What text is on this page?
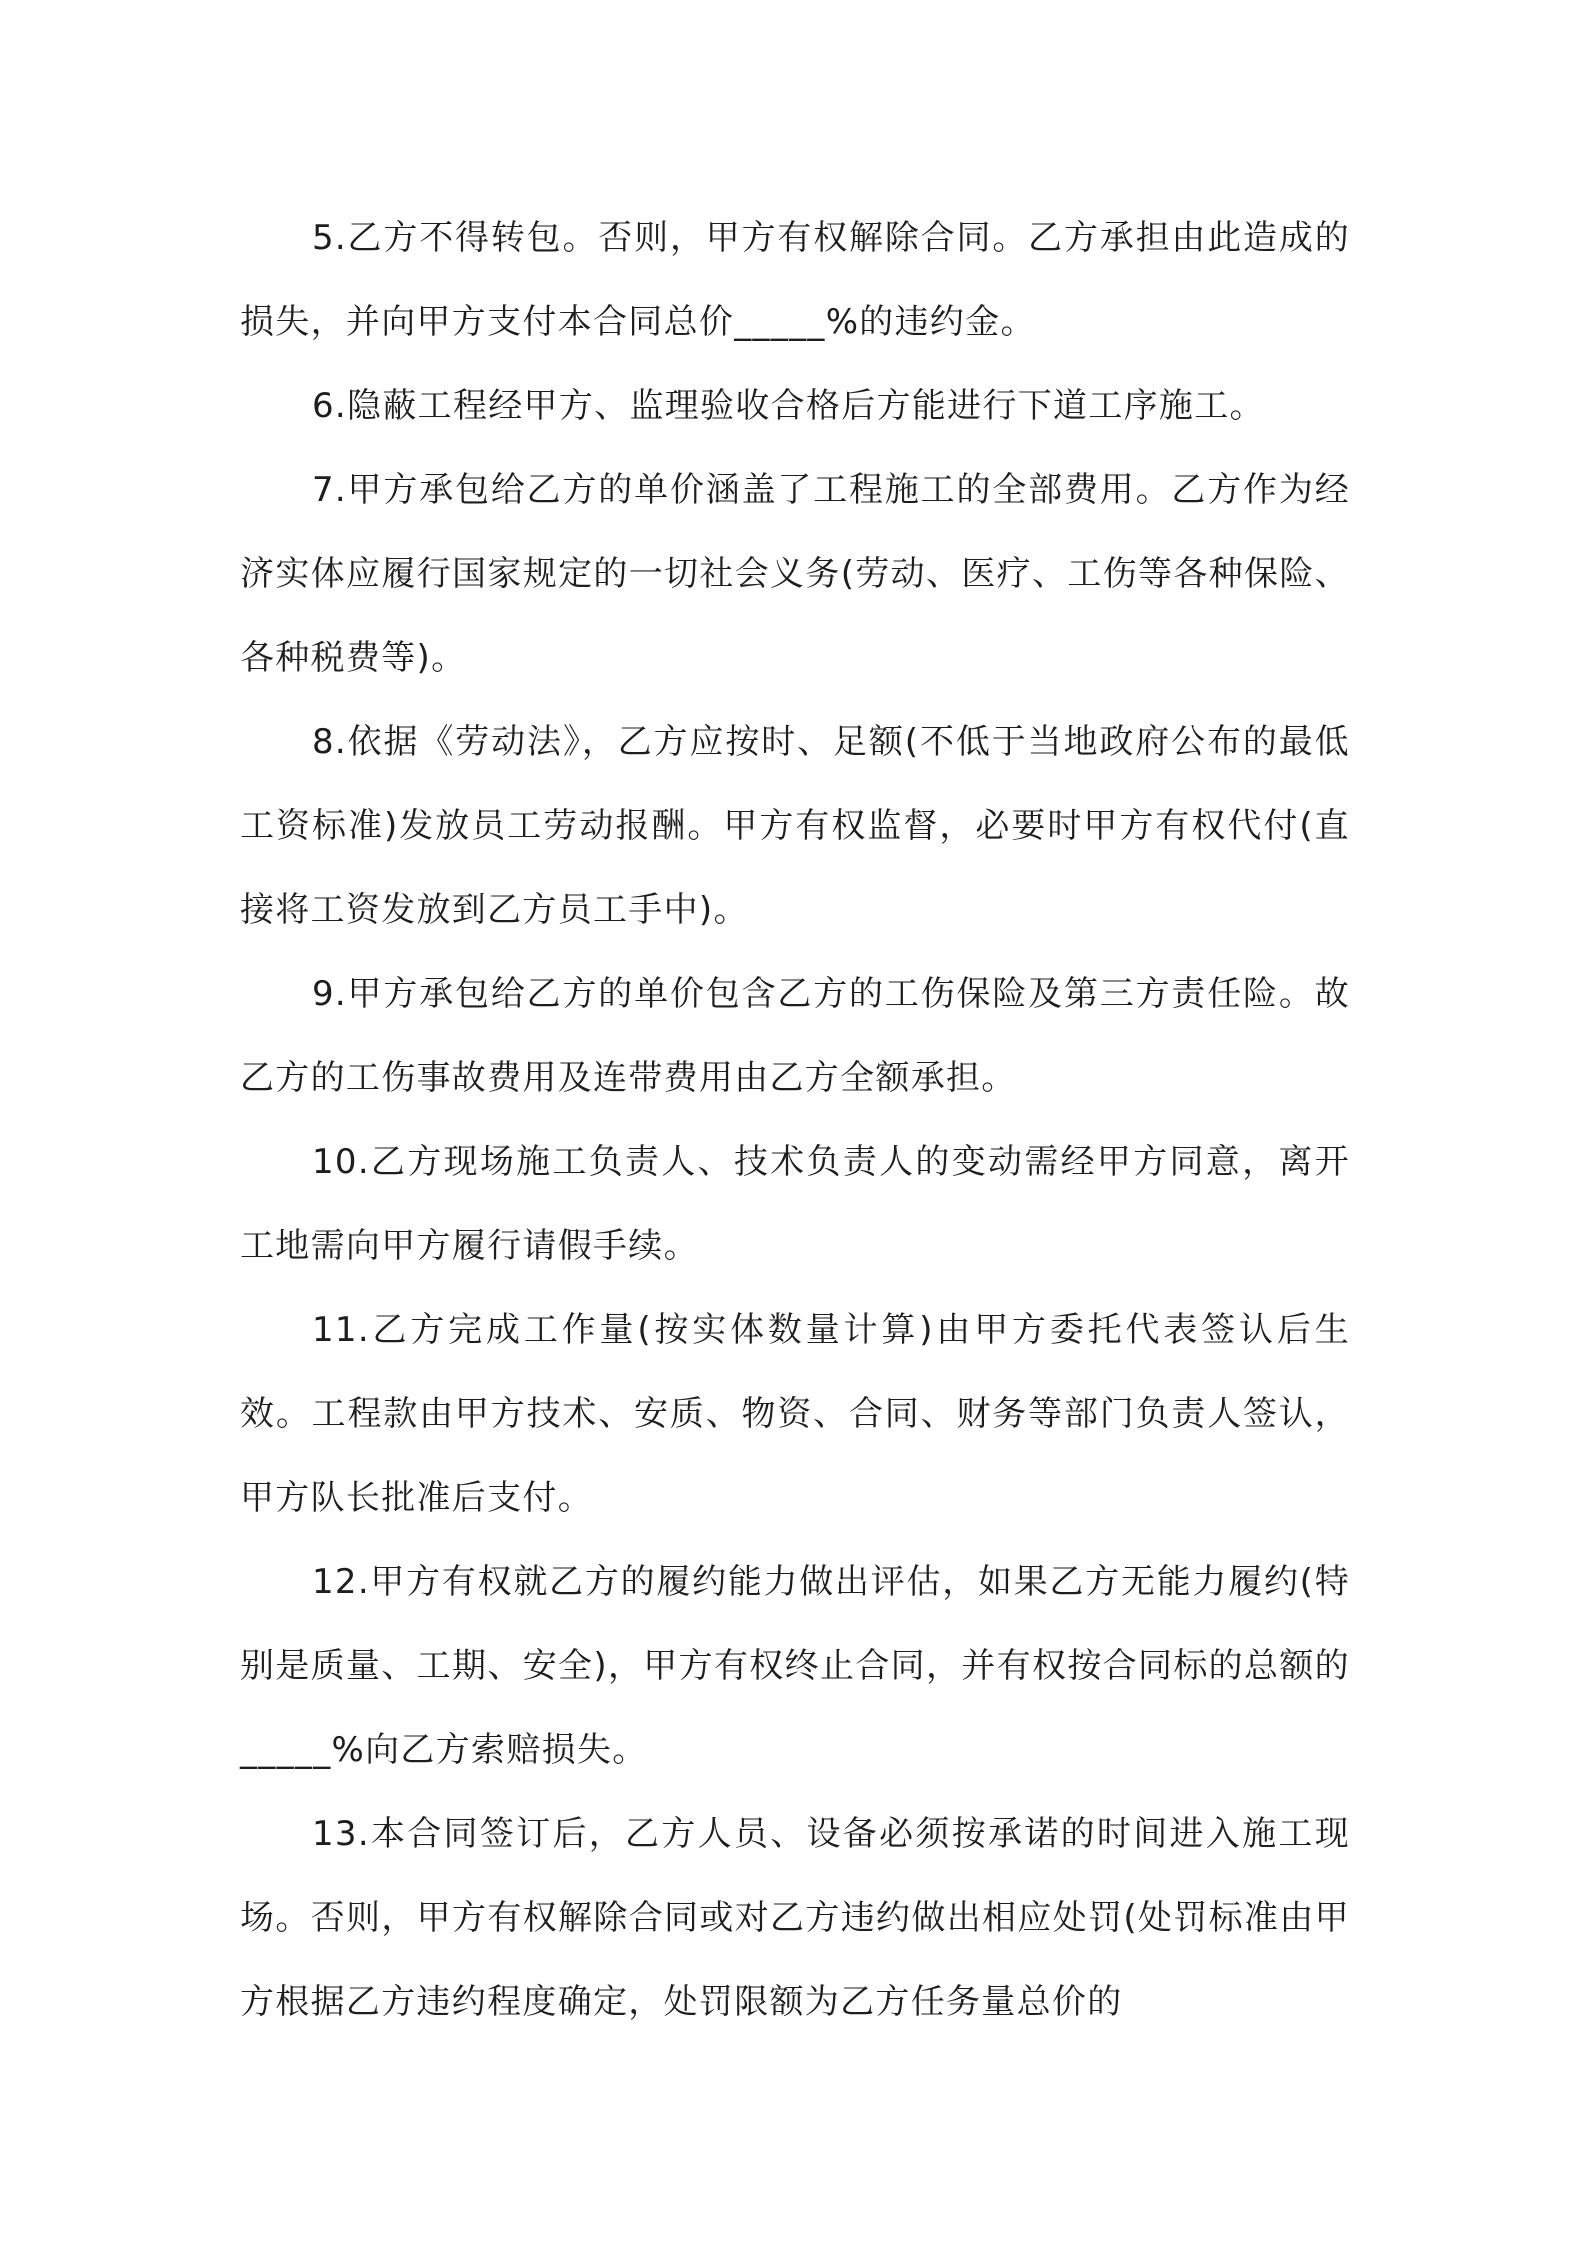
5.乙方不得转包。否则，甲方有权解除合同。乙方承担由此造成的损失，并向甲方支付本合同总价_____%的违约金。

6.隐蔽工程经甲方、监理验收合格后方能进行下道工序施工。

7.甲方承包给乙方的单价涵盖了工程施工的全部费用。乙方作为经济实体应履行国家规定的一切社会义务(劳动、医疗、工伤等各种保险、各种税费等)。

8.依据《劳动法》，乙方应按时、足额(不低于当地政府公布的最低工资标准)发放员工劳动报酬。甲方有权监督，必要时甲方有权代付(直接将工资发放到乙方员工手中)。

9.甲方承包给乙方的单价包含乙方的工伤保险及第三方责任险。故乙方的工伤事故费用及连带费用由乙方全额承担。

10.乙方现场施工负责人、技术负责人的变动需经甲方同意，离开工地需向甲方履行请假手续。

11.乙方完成工作量(按实体数量计算)由甲方委托代表签认后生效。工程款由甲方技术、安质、物资、合同、财务等部门负责人签认，甲方队长批准后支付。

12.甲方有权就乙方的履约能力做出评估，如果乙方无能力履约(特别是质量、工期、安全)，甲方有权终止合同，并有权按合同标的总额的_____%向乙方索赔损失。

13.本合同签订后，乙方人员、设备必须按承诺的时间进入施工现场。否则，甲方有权解除合同或对乙方违约做出相应处罚(处罚标准由甲方根据乙方违约程度确定，处罚限额为乙方任务量总价的
